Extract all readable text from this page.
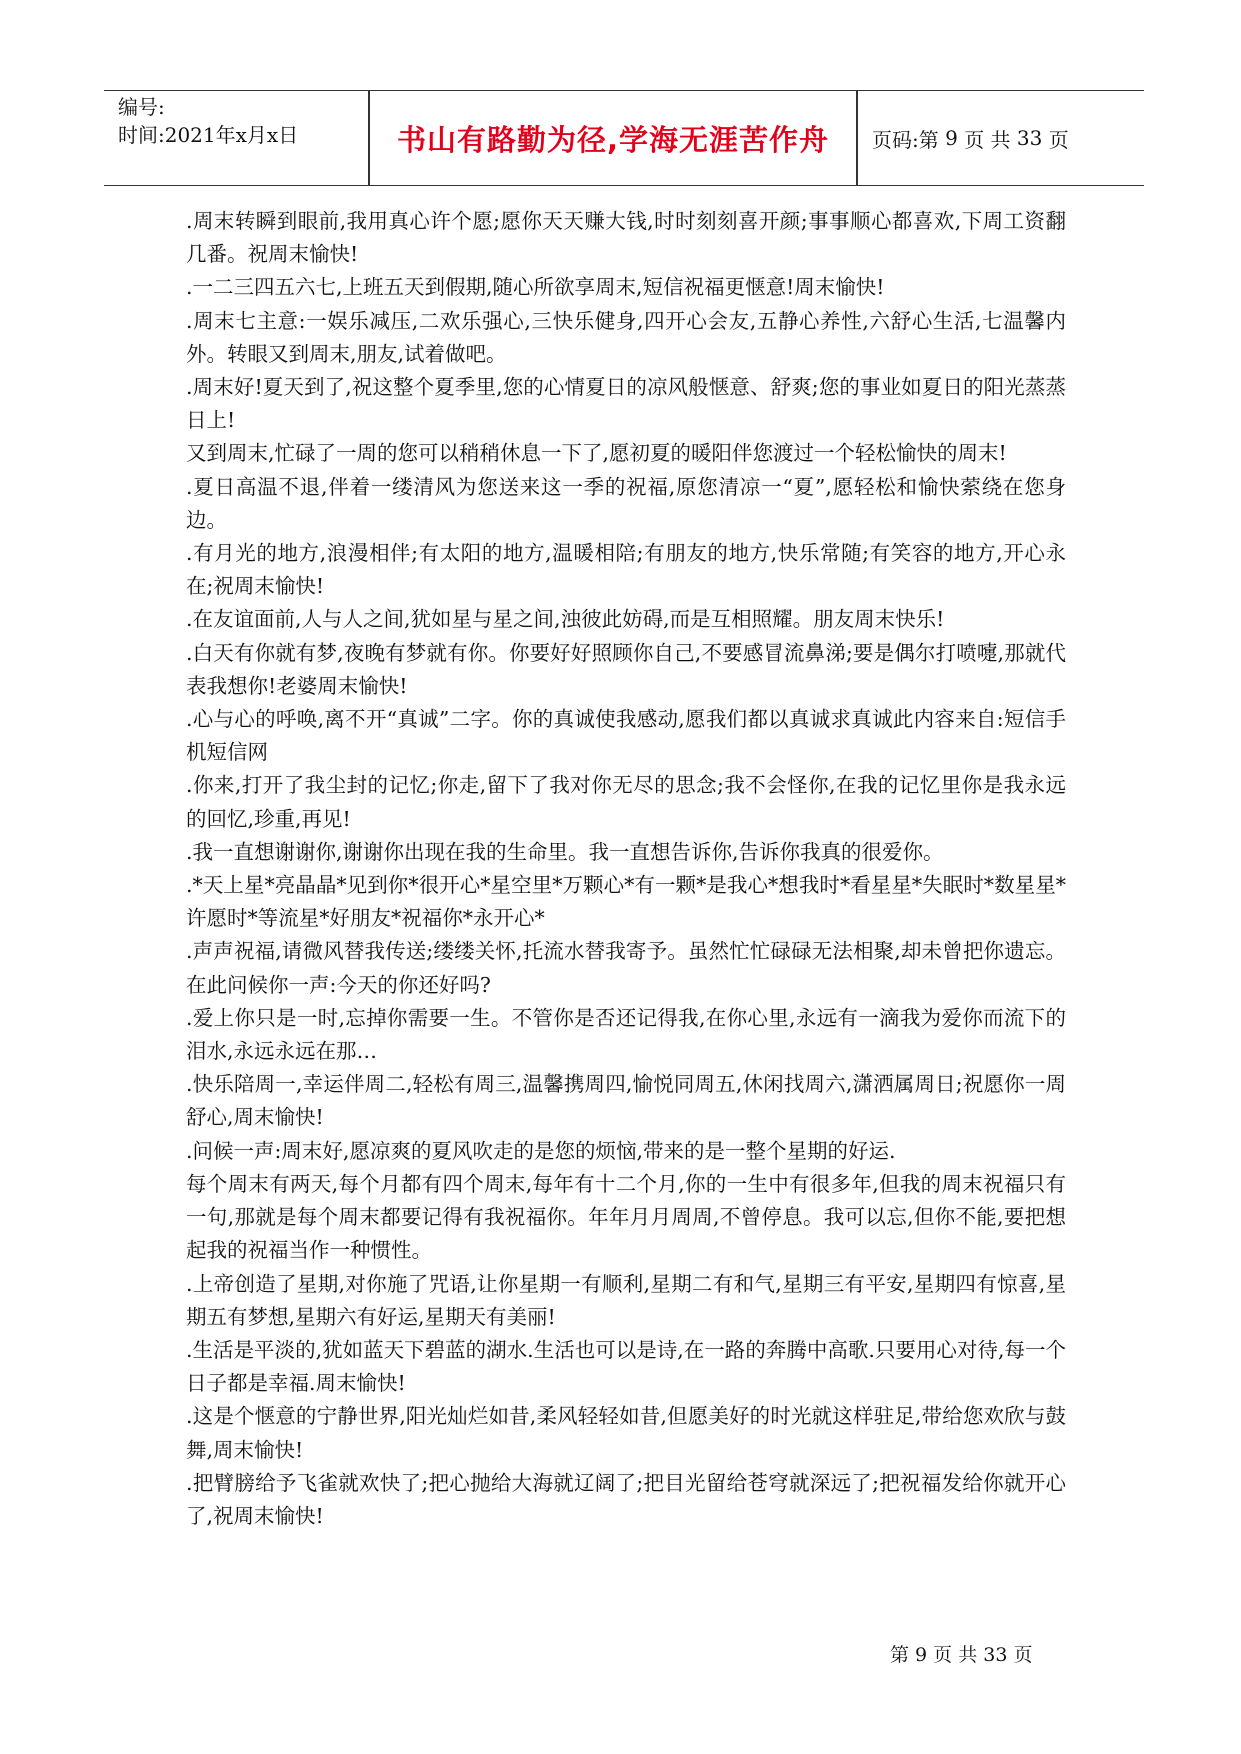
编号:
时间:2021年x月x日	书山有路勤为径,学海无涯苦作舟	页码:第
9
页 共
33
页

.周末转瞬到眼前,我用真心许个愿;愿你天天赚大钱,时时刻刻喜开颜;事事顺心都喜欢,下周工资翻几番。祝周末愉快!

.一二三四五六七,上班五天到假期,随心所欲享周末,短信祝福更惬意!周末愉快!

.周末七主意:一娱乐减压,二欢乐强心,三快乐健身,四开心会友,五静心养性,六舒心生活,七温馨内外。转眼又到周末,朋友,试着做吧。

.周末好!夏天到了,祝这整个夏季里,您的心情夏日的凉风般惬意、舒爽;您的事业如夏日的阳光蒸蒸日上!

又到周末,忙碌了一周的您可以稍稍休息一下了,愿初夏的暖阳伴您渡过一个轻松愉快的周末!

.夏日高温不退,伴着一缕清风为您送来这一季的祝福,原您清凉一“夏”,愿轻松和愉快萦绕在您身边。

.有月光的地方,浪漫相伴;有太阳的地方,温暖相陪;有朋友的地方,快乐常随;有笑容的地方,开心永在;祝周末愉快!

.在友谊面前,人与人之间,犹如星与星之间,浊彼此妨碍,而是互相照耀。朋友周末快乐!

.白天有你就有梦,夜晚有梦就有你。你要好好照顾你自己,不要感冒流鼻涕;要是偶尔打喷嚏,那就代表我想你!老婆周末愉快!

.心与心的呼唤,离不开“真诚”二字。你的真诚使我感动,愿我们都以真诚求真诚此内容来自:短信手机短信网

.你来,打开了我尘封的记忆;你走,留下了我对你无尽的思念;我不会怪你,在我的记忆里你是我永远的回忆,珍重,再见!

.我一直想谢谢你,谢谢你出现在我的生命里。我一直想告诉你,告诉你我真的很爱你。

.*天上星*亮晶晶*见到你*很开心*星空里*万颗心*有一颗*是我心*想我时*看星星*失眠时*数星星*许愿时*等流星*好朋友*祝福你*永开心*

.声声祝福,请微风替我传送;缕缕关怀,托流水替我寄予。虽然忙忙碌碌无法相聚,却未曾把你遗忘。在此问候你一声:今天的你还好吗?

.爱上你只是一时,忘掉你需要一生。不管你是否还记得我,在你心里,永远有一滴我为爱你而流下的泪水,永远永远在那…

.快乐陪周一,幸运伴周二,轻松有周三,温馨携周四,愉悦同周五,休闲找周六,潇洒属周日;祝愿你一周舒心,周末愉快!

.问候一声:周末好,愿凉爽的夏风吹走的是您的烦恼,带来的是一整个星期的好运.

每个周末有两天,每个月都有四个周末,每年有十二个月,你的一生中有很多年,但我的周末祝福只有一句,那就是每个周末都要记得有我祝福你。年年月月周周,不曾停息。我可以忘,但你不能,要把想起我的祝福当作一种惯性。

.上帝创造了星期,对你施了咒语,让你星期一有顺利,星期二有和气,星期三有平安,星期四有惊喜,星期五有梦想,星期六有好运,星期天有美丽!

.生活是平淡的,犹如蓝天下碧蓝的湖水.生活也可以是诗,在一路的奔腾中高歌.只要用心对待,每一个日子都是幸福.周末愉快!

.这是个惬意的宁静世界,阳光灿烂如昔,柔风轻轻如昔,但愿美好的时光就这样驻足,带给您欢欣与鼓舞,周末愉快!

.把臂膀给予飞雀就欢快了;把心抛给大海就辽阔了;把目光留给苍穹就深远了;把祝福发给你就开心了,祝周末愉快!

第 9 页 共 33 页
